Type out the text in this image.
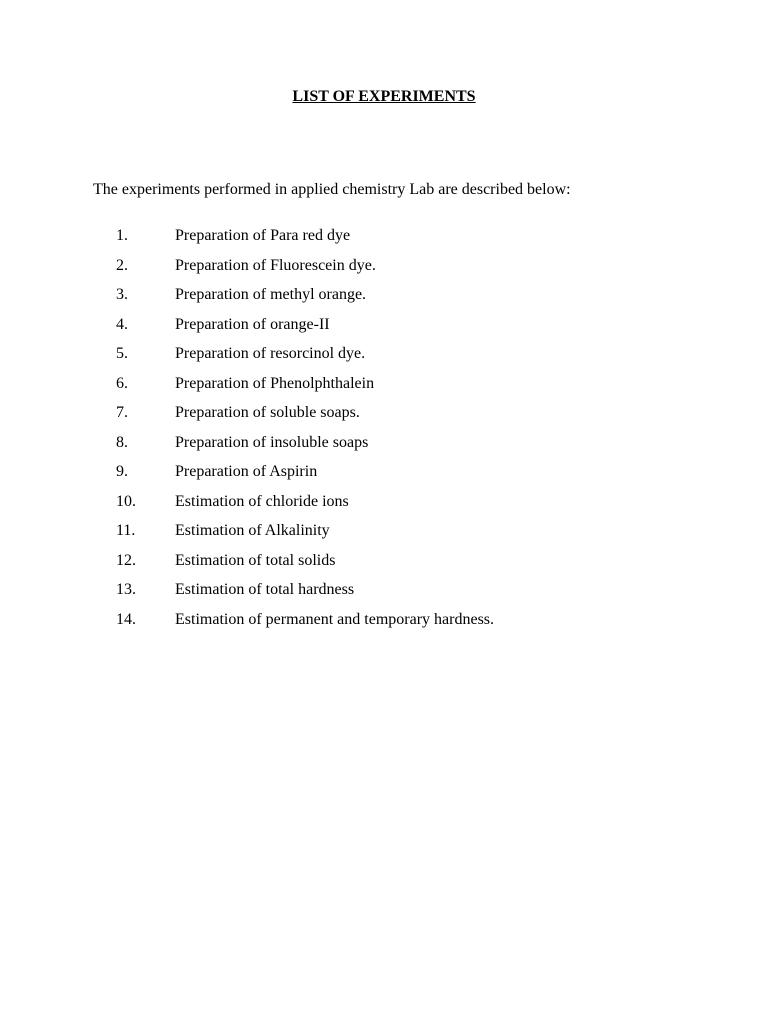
LIST OF EXPERIMENTS
The experiments performed in applied chemistry Lab are described below:
1.	Preparation of Para red dye
2.	Preparation of Fluorescein dye.
3.	Preparation of methyl orange.
4.	Preparation of orange-II
5.	Preparation of resorcinol dye.
6.	Preparation of Phenolphthalein
7.	Preparation of soluble soaps.
8.	Preparation of insoluble soaps
9.	Preparation of Aspirin
10. Estimation of chloride ions
11. Estimation of Alkalinity
12. Estimation of total solids
13. Estimation of total hardness
14. Estimation of permanent and temporary hardness.
